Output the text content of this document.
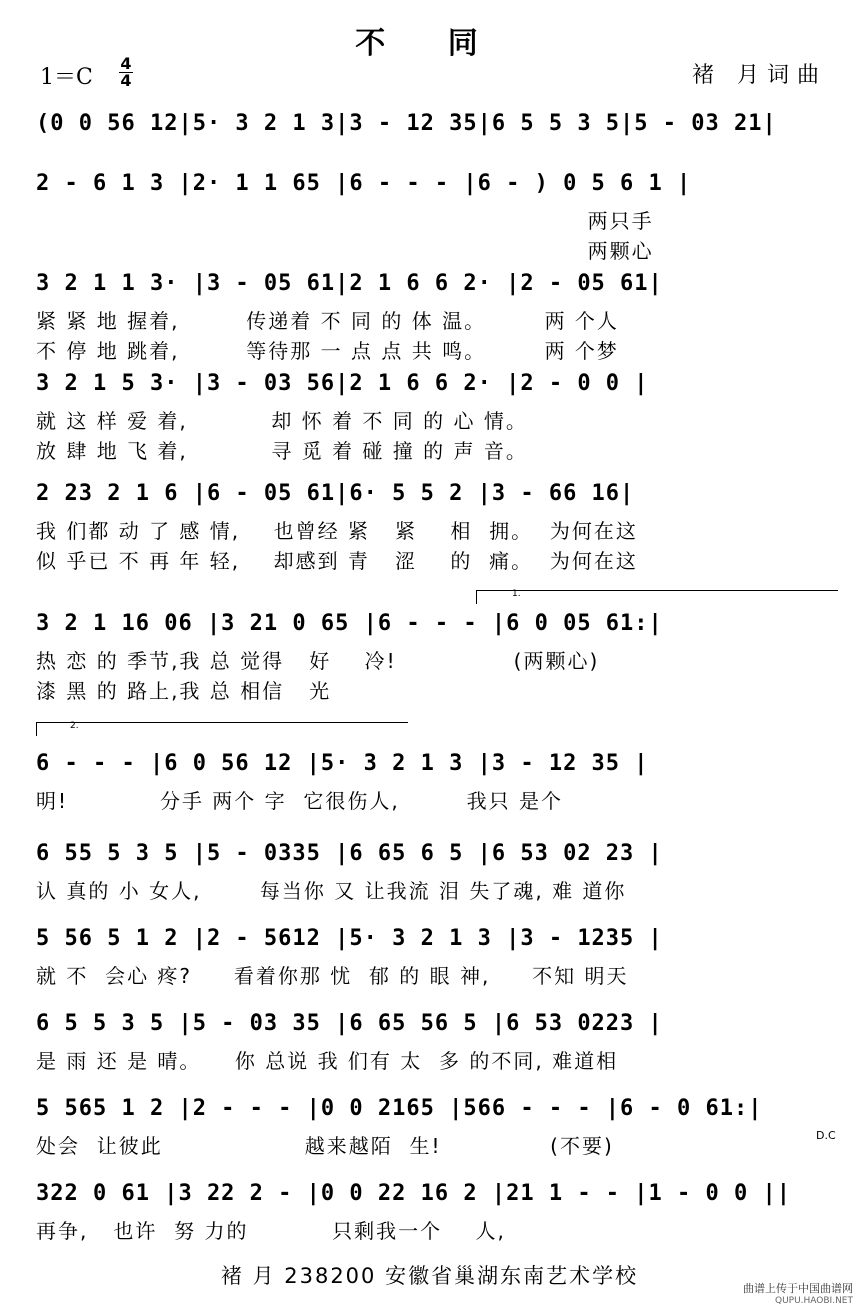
不 同
1＝C
4
4	褚 月词曲
(0 0 56 12|5· 3 2 1 3|3 - 12 35|6 5 5 3 5|5 - 03 21|
2 - 6 1 3 |2· 1 1 65 |6 - - - |6 - ) 0 5 6 1 |
两只手
两颗心
3 2 1 1 3· |3 - 05 61|2 1 6 6 2· |2 - 05 61|
紧 紧 地 握着,        传递着 不 同 的 体 温。       两 个人
不 停 地 跳着,        等待那 一 点 点 共 鸣。       两 个梦
3 2 1 5 3· |3 - 03 56|2 1 6 6 2· |2 - 0 0 |
就 这 样 爱 着,          却 怀 着 不 同 的 心 情。
放 肆 地 飞 着,          寻 觅 着 碰 撞 的 声 音。
2 23 2 1 6 |6 - 05 61|6· 5 5 2 |3 - 66 16|
我 们都 动 了 感 情,    也曾经 紧   紧    相  拥。  为何在这
似 乎已 不 再 年 轻,    却感到 青   涩    的  痛。  为何在这
3 2 1 16 06 |3 21 0 65 |6 - - - |6 0 05 61:|
热 恋 的 季节,我 总 觉得   好    冷!              (两颗心)
漆 黑 的 路上,我 总 相信   光
6 - - - |6 0 56 12 |5· 3 2 1 3 |3 - 12 35 |
明!           分手 两个 字  它很伤人,        我只 是个
6 55 5 3 5 |5 - 0335 |6 65 6 5 |6 53 02 23 |
认 真的 小 女人,       每当你 又 让我流 泪 失了魂, 难 道你
5 56 5 1 2 |2 - 5612 |5· 3 2 1 3 |3 - 1235 |
就 不  会心 疼?     看着你那 忧  郁 的 眼 神,     不知 明天
6 5 5 3 5 |5 - 03 35 |6 65 56 5 |6 53 0223 |
是 雨 还 是 晴。    你 总说 我 们有 太  多 的不同, 难道相
5 565 1 2 |2 - - - |0 0 2165 |566 - - - |6 - 0 61:|
处会  让彼此                 越来越陌  生!             (不要)
322 0 61 |3 22 2 - |0 0 22 16 2 |21 1 - - |1 - 0 0 ||
再争,   也许  努 力的          只剩我一个    人,
1.
2.
D.C
褚 月 238200 安徽省巢湖东南艺术学校
曲谱上传于中国曲谱网
QUPU.HAOBI.NET
